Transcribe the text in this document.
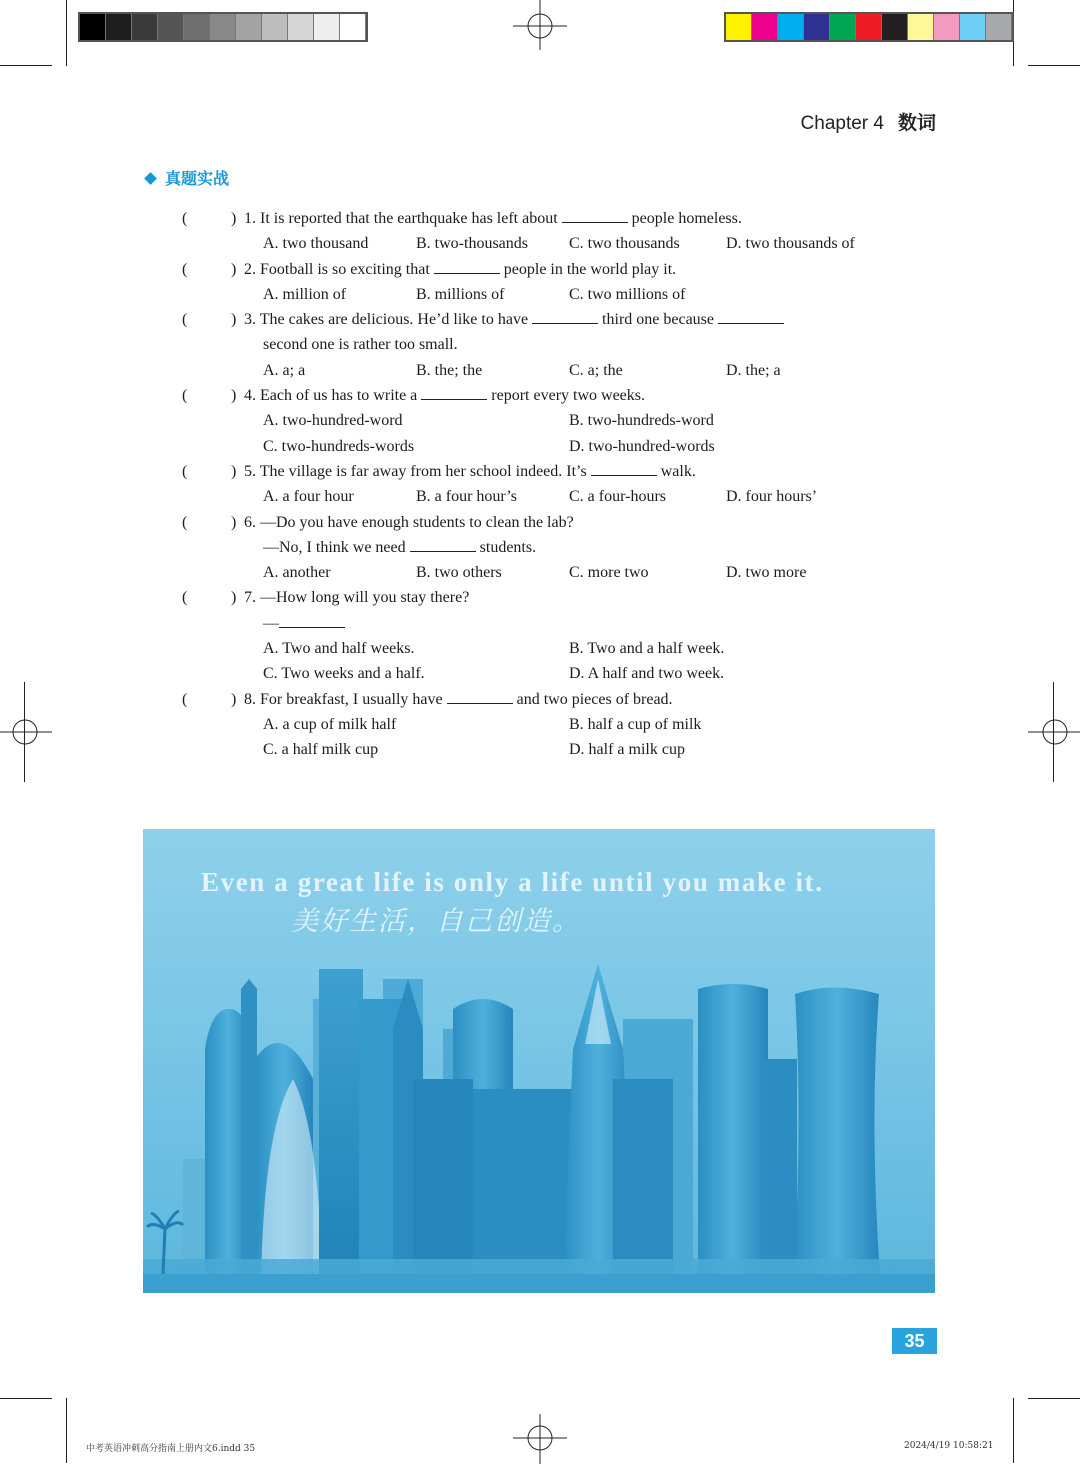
Chapter 4 数词
真题实战
(	) 1. It is reported that the earthquake has left about	people homeless.
A. two thousand	B. two-thousands	C. two thousands	D. two thousands of
(	) 2. Football is so exciting that	people in the world play it.
A. million of	B. millions of	C. two millions of
(	) 3. The cakes are delicious. He’d like to have	third one because
second one is rather too small.
A. a; a	B. the; the	C. a; the	D. the; a
(	) 4. Each of us has to write a	report every two weeks.
A. two-hundred-word	B. two-hundreds-word
C. two-hundreds-words	D. two-hundred-words
(	) 5. The village is far away from her school indeed. It’s	walk.
A. a four hour	B. a four hour’s	C. a four-hours	D. four hours’
(	) 6. —Do you have enough students to clean the lab?
—No, I think we need	students.
A. another	B. two others	C. more two	D. two more
(	) 7. —How long will you stay there?
—
A. Two and half weeks.	B. Two and a half week.
C. Two weeks and a half.	D. A half and two week.
(	) 8. For breakfast, I usually have	and two pieces of bread.
A. a cup of milk half	B. half a cup of milk
C. a half milk cup	D. half a milk cup
Even a great life is only a life until you make it.
美好生活，自己创造。
35
中考英语冲刺高分指南上册内文6.indd 35	2024/4/19 10:58:21
